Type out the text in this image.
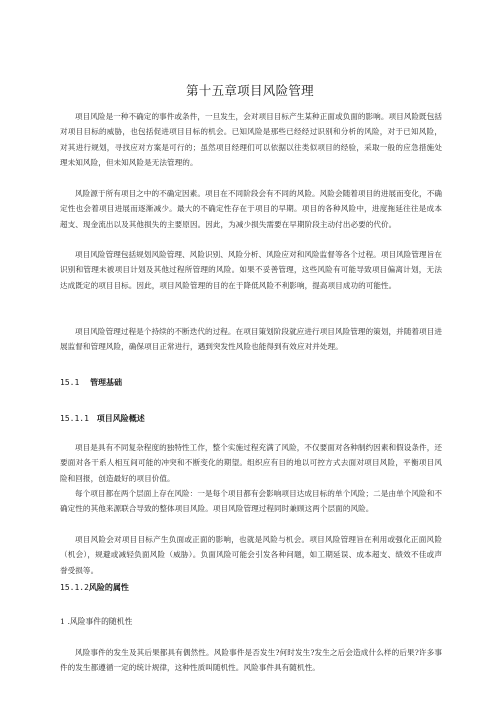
第十五章项目风险管理

项目风险是一种不确定的事件或条件，一旦发生，会对项目目标产生某种正面或负面的影响。项目风险既包括对项目目标的威胁，也包括促进项目目标的机会。已知风险是那些已经经过识别和分析的风险，对于已知风险，对其进行规划，寻找应对方案是可行的；虽然项目经理们可以依据以往类似项目的经验，采取一般的应急措施处理未知风险，但未知风险是无法管理的。

风险源于所有项目之中的不确定因素。项目在不同阶段会有不同的风险。风险会随着项目的进展而变化，不确定性也会着项目进展而逐渐减少。最大的不确定性存在于项目的早期。项目的各种风险中，进度拖延往往是成本超支、现金流出以及其他损失的主要原因。因此，为减少损失需要在早期阶段主动付出必要的代价。

项目风险管理包括规划风险管理、风险识别、风险分析、风险应对和风险监督等各个过程。项目风险管理旨在识别和管理未被项目计划及其他过程所管理的风险。如果不妥善管理，这些风险有可能导致项目偏离计划，无法达成既定的项目目标。因此，项目风险管理的目的在于降低风险不利影响，提高项目成功的可能性。

项目风险管理过程是个持续的不断迭代的过程。在项目策划阶段就应进行项目风险管理的策划，并随着项目进展监督和管理风险，确保项目正常进行，遇到突发性风险也能得到有效应对并处理。

15.1 管理基础
15.1.1 项目风险概述

项目是具有不同复杂程度的独特性工作，整个实施过程充满了风险，不仅要面对各种制约因素和假设条件，还要面对各干系人相互间可能的冲突和不断变化的期望。组织应有目的地以可控方式去面对项目风险，平衡项目风险和回报，创造最好的项目价值。

每个项目都在两个层面上存在风险：一是每个项目都有会影响项目达成目标的单个风险；二是由单个风险和不确定性的其他来源联合导致的整体项目风险。项目风险管理过程同时兼顾这两个层面的风险。

项目风险会对项目目标产生负面或正面的影响，也就是风险与机会。项目风险管理旨在利用或强化正面风险（机会），规避或减轻负面风险（威胁）。负面风险可能会引发各种问题，如工期延误、成本超支、绩效不佳或声誉受损等。

15.1.2风险的属性
1 .风险事件的随机性

风险事件的发生及其后果都具有偶然性。风险事件是否发生?何时发生?发生之后会造成什么样的后果?许多事件的发生都遵循一定的统计规律，这种性质叫随机性。风险事件具有随机性。
